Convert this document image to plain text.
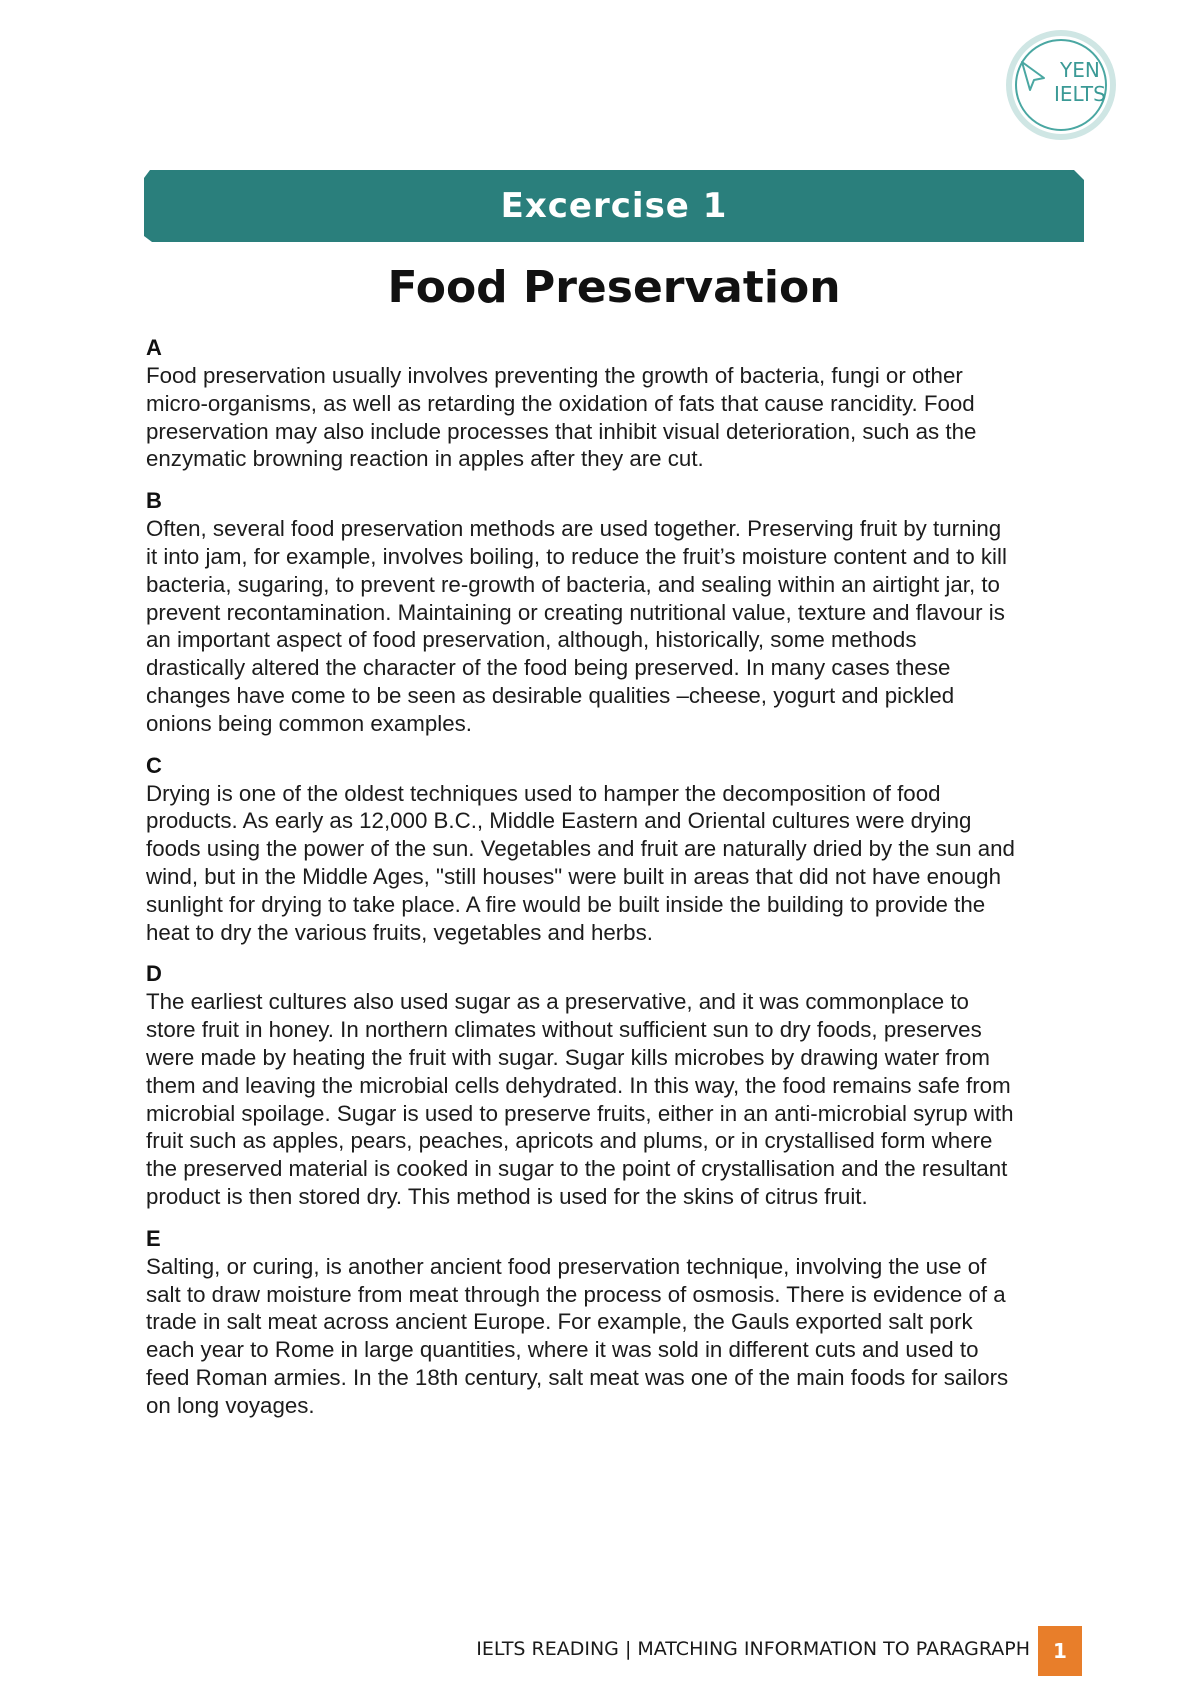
YEN
IELTS
Excercise 1
Food Preservation
A

Food preservation usually involves preventing the growth of bacteria, fungi or other
micro-organisms, as well as retarding the oxidation of fats that cause rancidity. Food
preservation may also include processes that inhibit visual deterioration, such as the
enzymatic browning reaction in apples after they are cut.

B

Often, several food preservation methods are used together. Preserving fruit by turning
it into jam, for example, involves boiling, to reduce the fruit’s moisture content and to kill
bacteria, sugaring, to prevent re-growth of bacteria, and sealing within an airtight jar, to
prevent recontamination. Maintaining or creating nutritional value, texture and flavour is
an important aspect of food preservation, although, historically, some methods
drastically altered the character of the food being preserved. In many cases these
changes have come to be seen as desirable qualities –cheese, yogurt and pickled
onions being common examples.

C

Drying is one of the oldest techniques used to hamper the decomposition of food
products. As early as 12,000 B.C., Middle Eastern and Oriental cultures were drying
foods using the power of the sun. Vegetables and fruit are naturally dried by the sun and
wind, but in the Middle Ages, "still houses" were built in areas that did not have enough
sunlight for drying to take place. A fire would be built inside the building to provide the
heat to dry the various fruits, vegetables and herbs.

D

The earliest cultures also used sugar as a preservative, and it was commonplace to
store fruit in honey. In northern climates without sufficient sun to dry foods, preserves
were made by heating the fruit with sugar. Sugar kills microbes by drawing water from
them and leaving the microbial cells dehydrated. In this way, the food remains safe from
microbial spoilage. Sugar is used to preserve fruits, either in an anti-microbial syrup with
fruit such as apples, pears, peaches, apricots and plums, or in crystallised form where
the preserved material is cooked in sugar to the point of crystallisation and the resultant
product is then stored dry. This method is used for the skins of citrus fruit.

E

Salting, or curing, is another ancient food preservation technique, involving the use of
salt to draw moisture from meat through the process of osmosis. There is evidence of a
trade in salt meat across ancient Europe. For example, the Gauls exported salt pork
each year to Rome in large quantities, where it was sold in different cuts and used to
feed Roman armies. In the 18th century, salt meat was one of the main foods for sailors
on long voyages.

IELTS READING | MATCHING INFORMATION TO PARAGRAPH	1
